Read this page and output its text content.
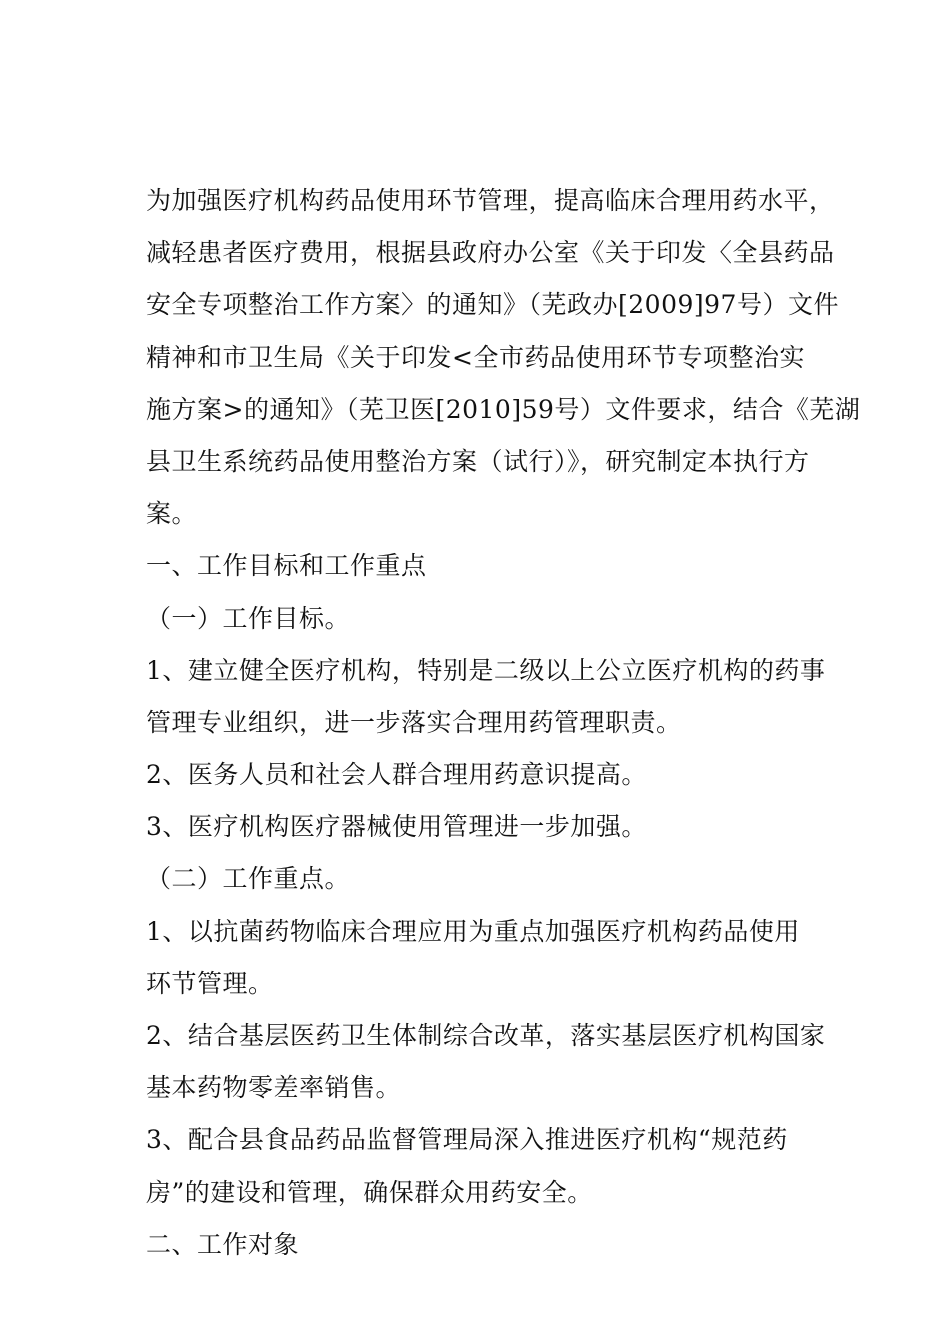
为加强医疗机构药品使用环节管理，提高临床合理用药水平，
减轻患者医疗费用，根据县政府办公室《关于印发〈全县药品
安全专项整治工作方案〉的通知》（芜政办[2009]97号）文件
精神和市卫生局《关于印发<全市药品使用环节专项整治实
施方案>的通知》（芜卫医[2010]59号）文件要求，结合《芜湖
县卫生系统药品使用整治方案（试行）》，研究制定本执行方
案。
一、工作目标和工作重点
（一）工作目标。
1、建立健全医疗机构，特别是二级以上公立医疗机构的药事
管理专业组织，进一步落实合理用药管理职责。
2、医务人员和社会人群合理用药意识提高。
3、医疗机构医疗器械使用管理进一步加强。
（二）工作重点。
1、以抗菌药物临床合理应用为重点加强医疗机构药品使用
环节管理。
2、结合基层医药卫生体制综合改革，落实基层医疗机构国家
基本药物零差率销售。
3、配合县食品药品监督管理局深入推进医疗机构“规范药
房”的建设和管理，确保群众用药安全。
二、工作对象
